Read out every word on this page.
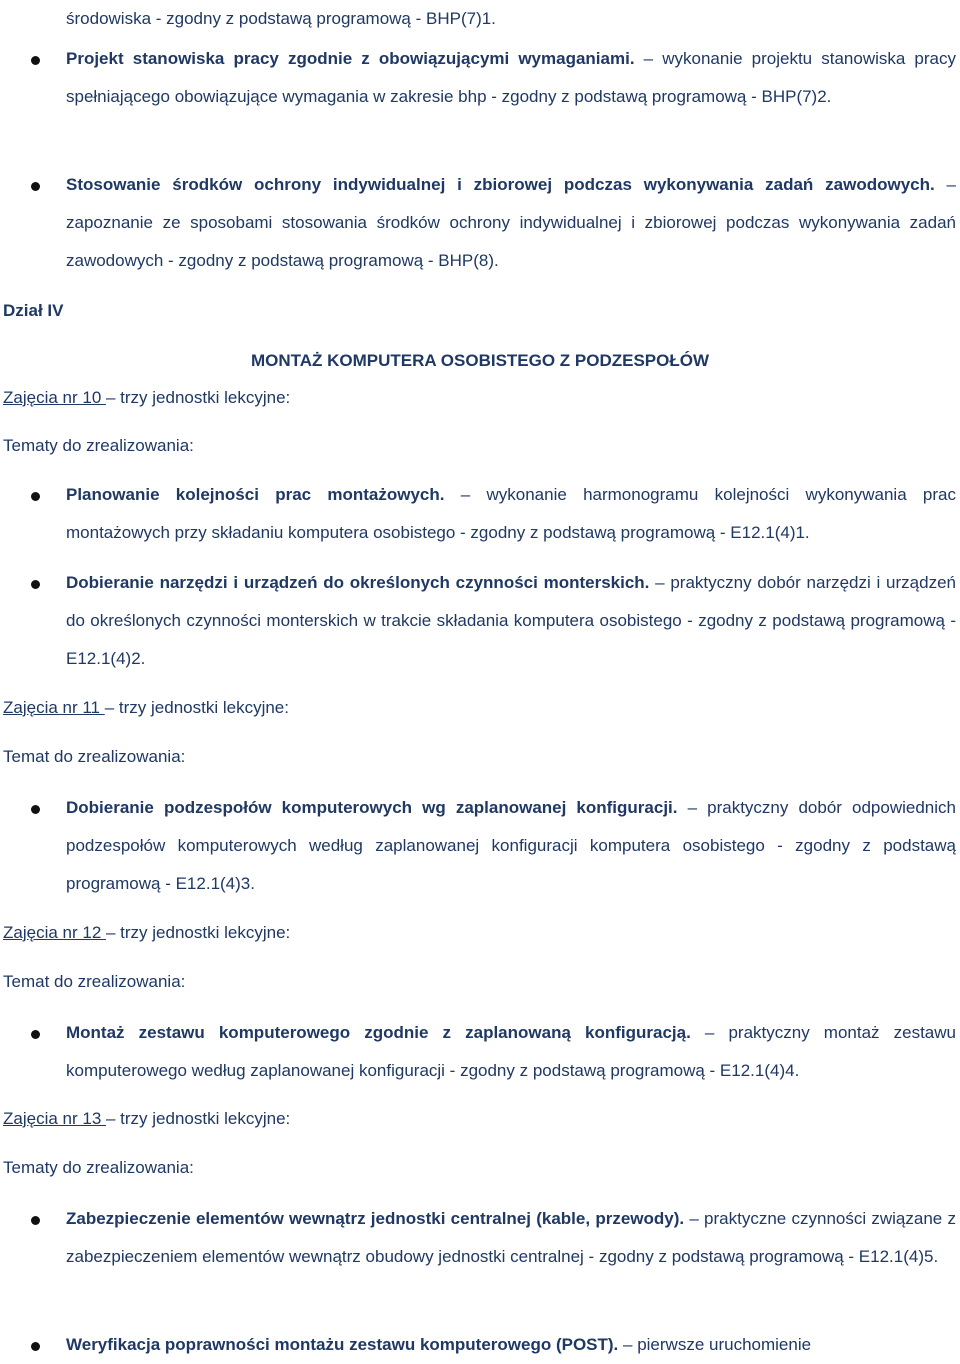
środowiska - zgodny z podstawą programową - BHP(7)1.
Projekt stanowiska pracy zgodnie z obowiązującymi wymaganiami. – wykonanie projektu stanowiska pracy spełniającego obowiązujące wymagania w zakresie bhp - zgodny z podstawą programową - BHP(7)2.
Stosowanie środków ochrony indywidualnej i zbiorowej podczas wykonywania zadań zawodowych. – zapoznanie ze sposobami stosowania środków ochrony indywidualnej i zbiorowej podczas wykonywania zadań zawodowych - zgodny z podstawą programową - BHP(8).
Dział IV
MONTAŻ KOMPUTERA OSOBISTEGO Z PODZESPOŁÓW
Zajęcia nr 10 – trzy jednostki lekcyjne:
Tematy do zrealizowania:
Planowanie kolejności prac montażowych. – wykonanie harmonogramu kolejności wykonywania prac montażowych przy składaniu komputera osobistego - zgodny z podstawą programową - E12.1(4)1.
Dobieranie narzędzi i urządzeń do określonych czynności monterskich. – praktyczny dobór narzędzi i urządzeń do określonych czynności monterskich w trakcie składania komputera osobistego - zgodny z podstawą programową - E12.1(4)2.
Zajęcia nr 11 – trzy jednostki lekcyjne:
Temat do zrealizowania:
Dobieranie podzespołów komputerowych wg zaplanowanej konfiguracji. – praktyczny dobór odpowiednich podzespołów komputerowych według zaplanowanej konfiguracji komputera osobistego - zgodny z podstawą programową - E12.1(4)3.
Zajęcia nr 12 – trzy jednostki lekcyjne:
Temat do zrealizowania:
Montaż zestawu komputerowego zgodnie z zaplanowaną konfiguracją. – praktyczny montaż zestawu komputerowego według zaplanowanej konfiguracji - zgodny z podstawą programową - E12.1(4)4.
Zajęcia nr 13 – trzy jednostki lekcyjne:
Tematy do zrealizowania:
Zabezpieczenie elementów wewnątrz jednostki centralnej (kable, przewody). – praktyczne czynności związane z zabezpieczeniem elementów wewnątrz obudowy jednostki centralnej - zgodny z podstawą programową - E12.1(4)5.
Weryfikacja poprawności montażu zestawu komputerowego (POST). – pierwsze uruchomienie
